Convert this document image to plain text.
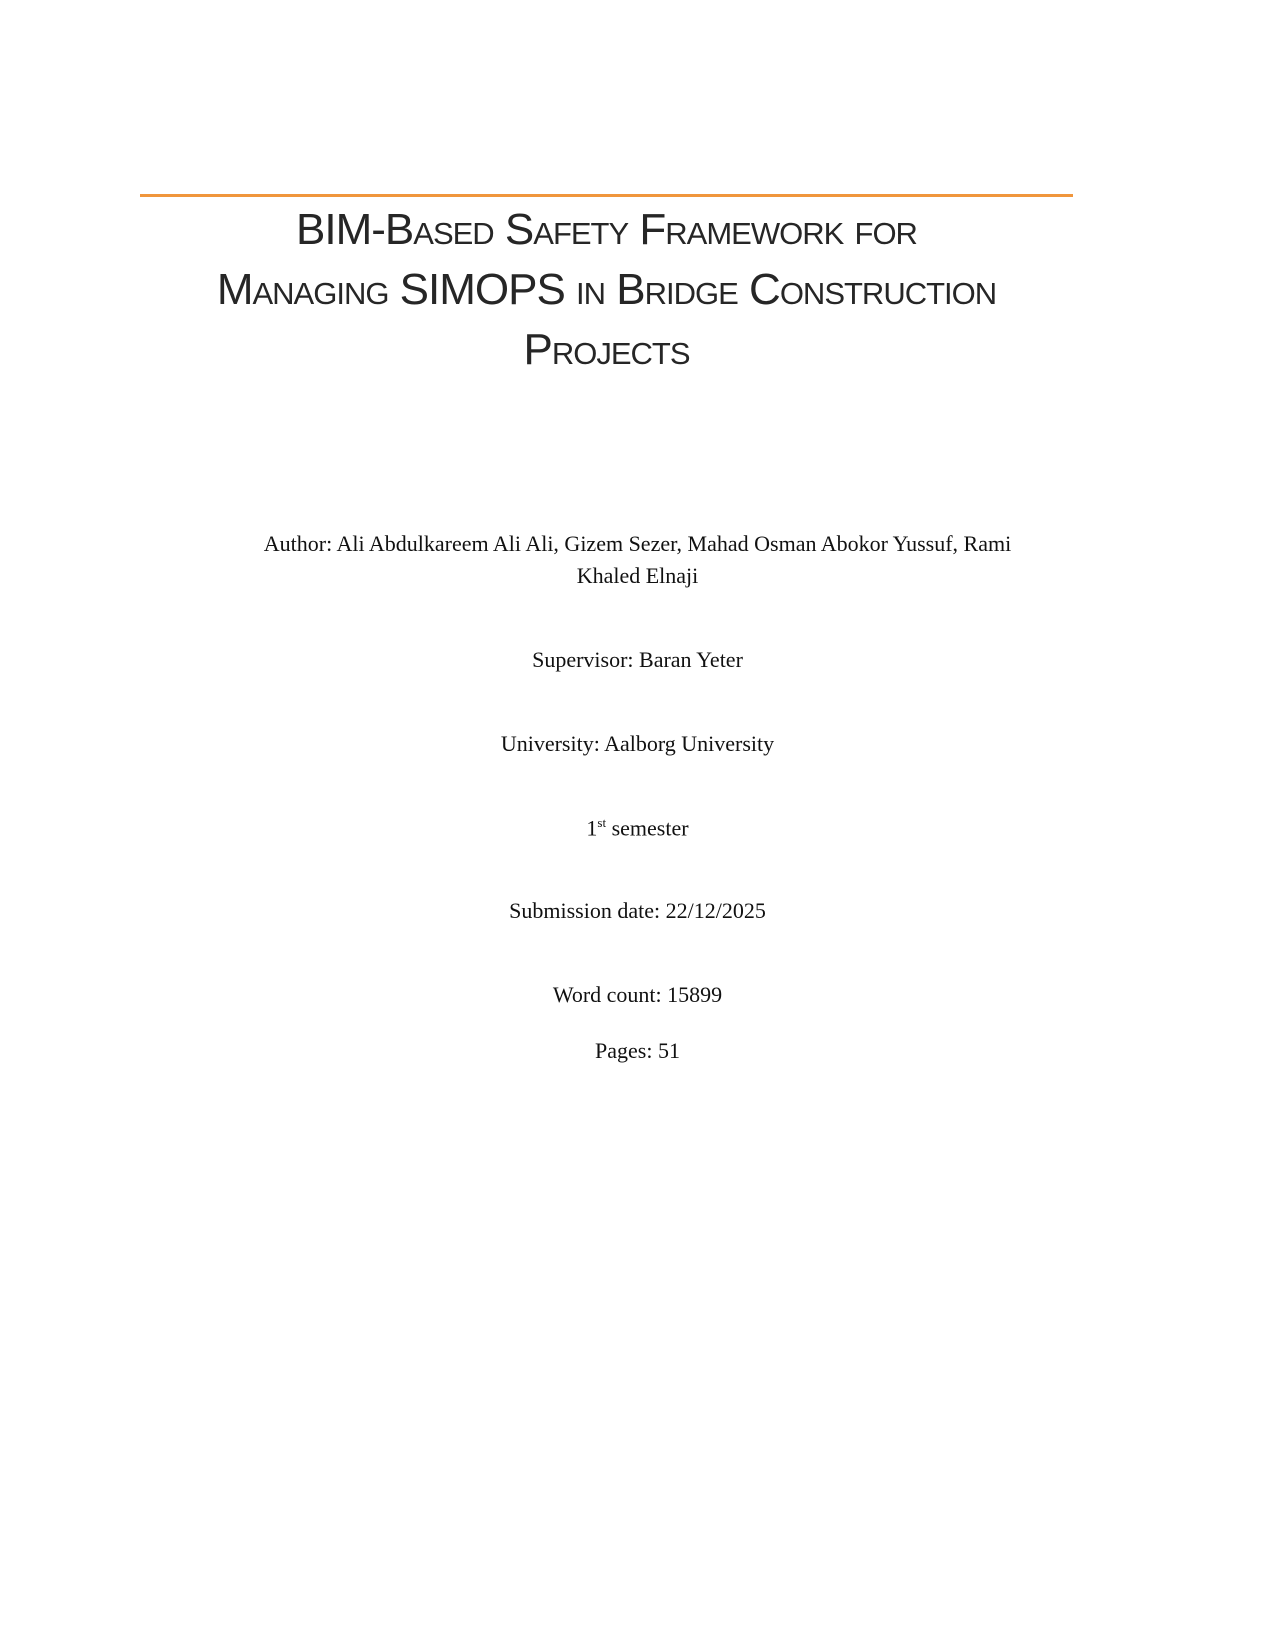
BIM-Based Safety Framework for
Managing SIMOPS in Bridge Construction
Projects
Author: Ali Abdulkareem Ali Ali, Gizem Sezer, Mahad Osman Abokor Yussuf, Rami
Khaled Elnaji
Supervisor: Baran Yeter
University: Aalborg University
1st semester
Submission date: 22/12/2025
Word count: 15899
Pages: 51
